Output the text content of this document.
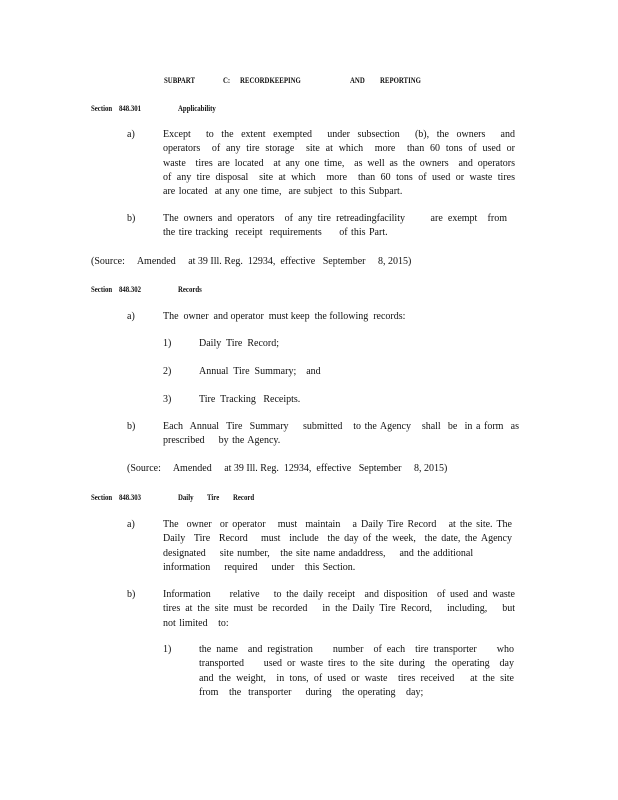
SUBPART	C: RECORDKEEPING	AND REPORTING
Section    848.301	Applicability
a)	Except  to the extent exempted  under subsection  (b), the owners  and
operators  of any tire storage  site at which  more  than 60 tons of used or
waste  tires are located  at any one time,  as well as the owners  and operators
of any tire disposal  site at which  more  than 60 tons of used or waste tires
are located  at any one time,  are subject  to this Subpart.
b)	The owners and operators  of any tire retreadingfacility     are exempt  from
the tire tracking  receipt  requirements     of this Part.
(Source:     Amended     at 39 Ill. Reg.  12934,  effective   September     8, 2015)
Section    848.302	Records
a)	The  owner  and operator  must keep  the following  records:
1)	Daily  Tire  Record;
2)	Annual  Tire  Summary;    and
3)	Tire  Tracking   Receipts.
b)	Each  Annual  Tire  Summary    submitted   to the Agency   shall  be  in a form  as
prescribed    by the Agency.
(Source:     Amended     at 39 Ill. Reg.  12934,  effective   September     8, 2015)
Section    848.303	Daily Tire Record
a)	The  owner  or operator   must  maintain   a Daily Tire Record   at the site. The
Daily  Tire  Record   must  include  the day of the week,  the date, the Agency
designated    site number,   the site name andaddress,    and the additional
information    required    under   this Section.
b)	Information    relative   to the daily receipt  and disposition  of used and waste
tires at the site must be recorded   in the Daily Tire Record,   including,   but
not limited   to:
1)	the name  and registration    number  of each  tire transporter    who
transported    used or waste tires to the site during  the operating  day
and the weight,  in tons, of used or waste  tires received   at the site
from   the  transporter    during   the operating   day;
